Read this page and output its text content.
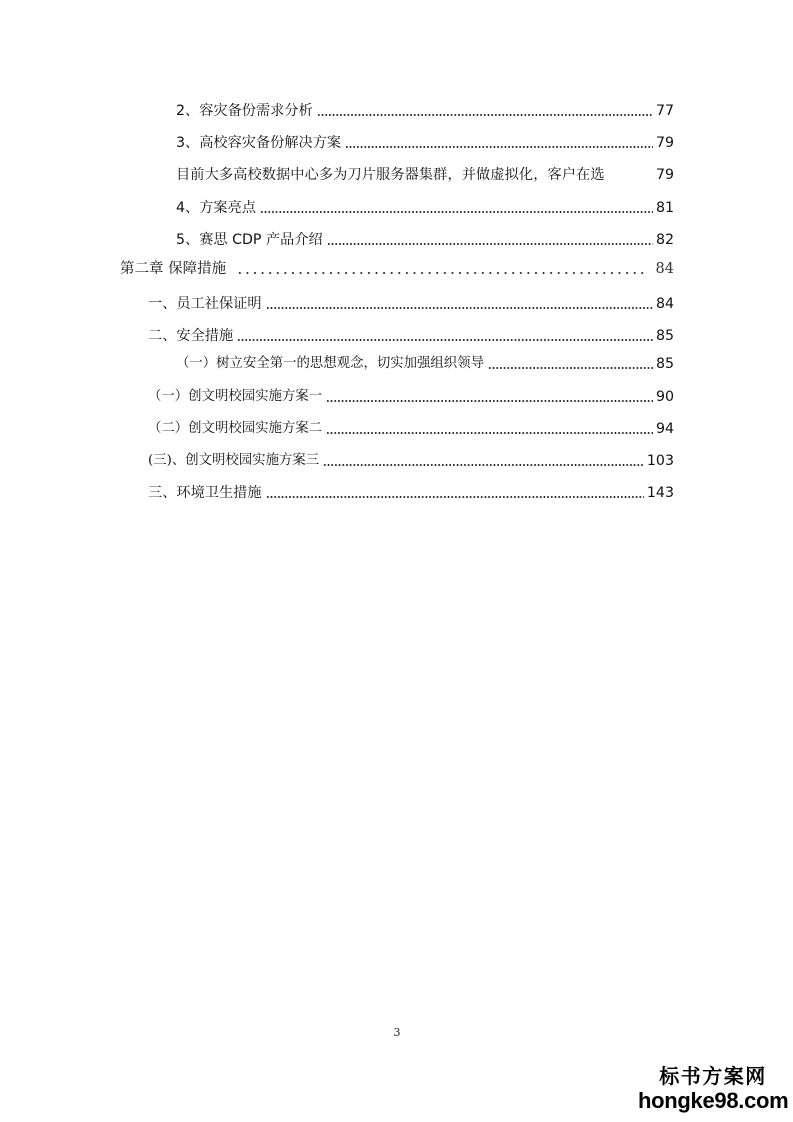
2、容灾备份需求分析	77
3、高校容灾备份解决方案	79
目前大多高校数据中心多为刀片服务器集群，并做虚拟化，客户在选	79
4、方案亮点	81
5、赛思 CDP 产品介绍	82
第二章 保障措施	84
一、员工社保证明	84
二、安全措施	85
（一）树立安全第一的思想观念，切实加强组织领导	85
（一）创文明校园实施方案一	90
（二）创文明校园实施方案二	94
(三)、创文明校园实施方案三	103
三、环境卫生措施	143
3
标书方案网
hongke98.com
